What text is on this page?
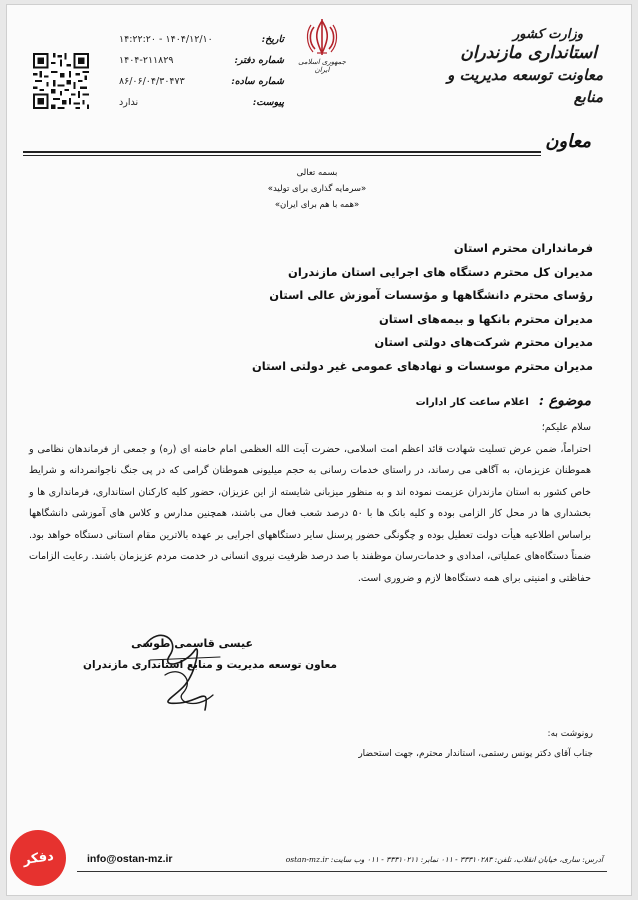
وزارت کشور
استانداری مازندران
معاونت توسعه مدیریت و منابع
جمهوری اسلامی ایران
تاریخ:
۱۴۰۴/۱۲/۱۰ - ۱۴:۲۲:۲۰
شماره دفتر:
۱۴۰۴-۲۱۱۸۲۹
شماره ساده:
۸۶/۰۶/۰۴/۳۰۴۷۳
پیوست:
ندارد
معاون
بسمه تعالی
«سرمایه گذاری برای تولید»
«همه با هم برای ایران»
فرمانداران محترم استان
مدیران کل محترم دستگاه های اجرایی استان مازندران
رؤسای محترم دانشگاهها و مؤسسات آموزش عالی استان
مدیران محترم بانکها و بیمه‌های استان
مدیران محترم شرکت‌های دولتی استان
مدیران محترم موسسات و نهادهای عمومی غیر دولتی استان
موضوع :
اعلام ساعت کار ادارات
سلام علیکم؛
احتراماً، ضمن عرض تسلیت شهادت قائد اعظم امت اسلامی، حضرت آیت الله العظمی امام خامنه ای (ره) و جمعی از فرماندهان نظامی و هموطنان عزیزمان، به آگاهی می رساند، در راستای خدمات رسانی به حجم میلیونی هموطنان گرامی که در پی جنگ ناجوانمردانه و شرایط خاص کشور به استان مازندران عزیمت نموده اند و به منظور میزبانی شایسته از این عزیزان، حضور کلیه کارکنان استانداری، فرمانداری ها و بخشداری ها در محل کار الزامی بوده و کلیه بانک ها با ۵۰ درصد شعب فعال می باشند، همچنین مدارس و کلاس های آموزشی دانشگاهها براساس اطلاعیه هیأت دولت تعطیل بوده و چگونگی حضور پرسنل سایر دستگاههای اجرایی بر عهده بالاترین مقام استانی دستگاه خواهد بود. ضمناً دستگاه‌های عملیاتی، امدادی و خدمات‌رسان موظفند با صد درصد ظرفیت نیروی انسانی در خدمت مردم عزیزمان باشند. رعایت الزامات حفاظتی و امنیتی برای همه دستگاه‌ها لازم و ضروری است.
عیسی قاسمی طوسی
معاون توسعه مدیریت و منابع استانداری مازندران
رونوشت به:
جناب آقای دکتر یونس رستمی، استاندار محترم، جهت استحضار
آدرس: ساری، خیابان انقلاب، تلفن: ۳۳۳۱۰۲۸۳ - ۰۱۱ نمابر: ۳۳۳۱۰۲۱۱ - ۰۱۱ وب سایت: ostan-mz.ir
info@ostan-mz.ir
دفکر
